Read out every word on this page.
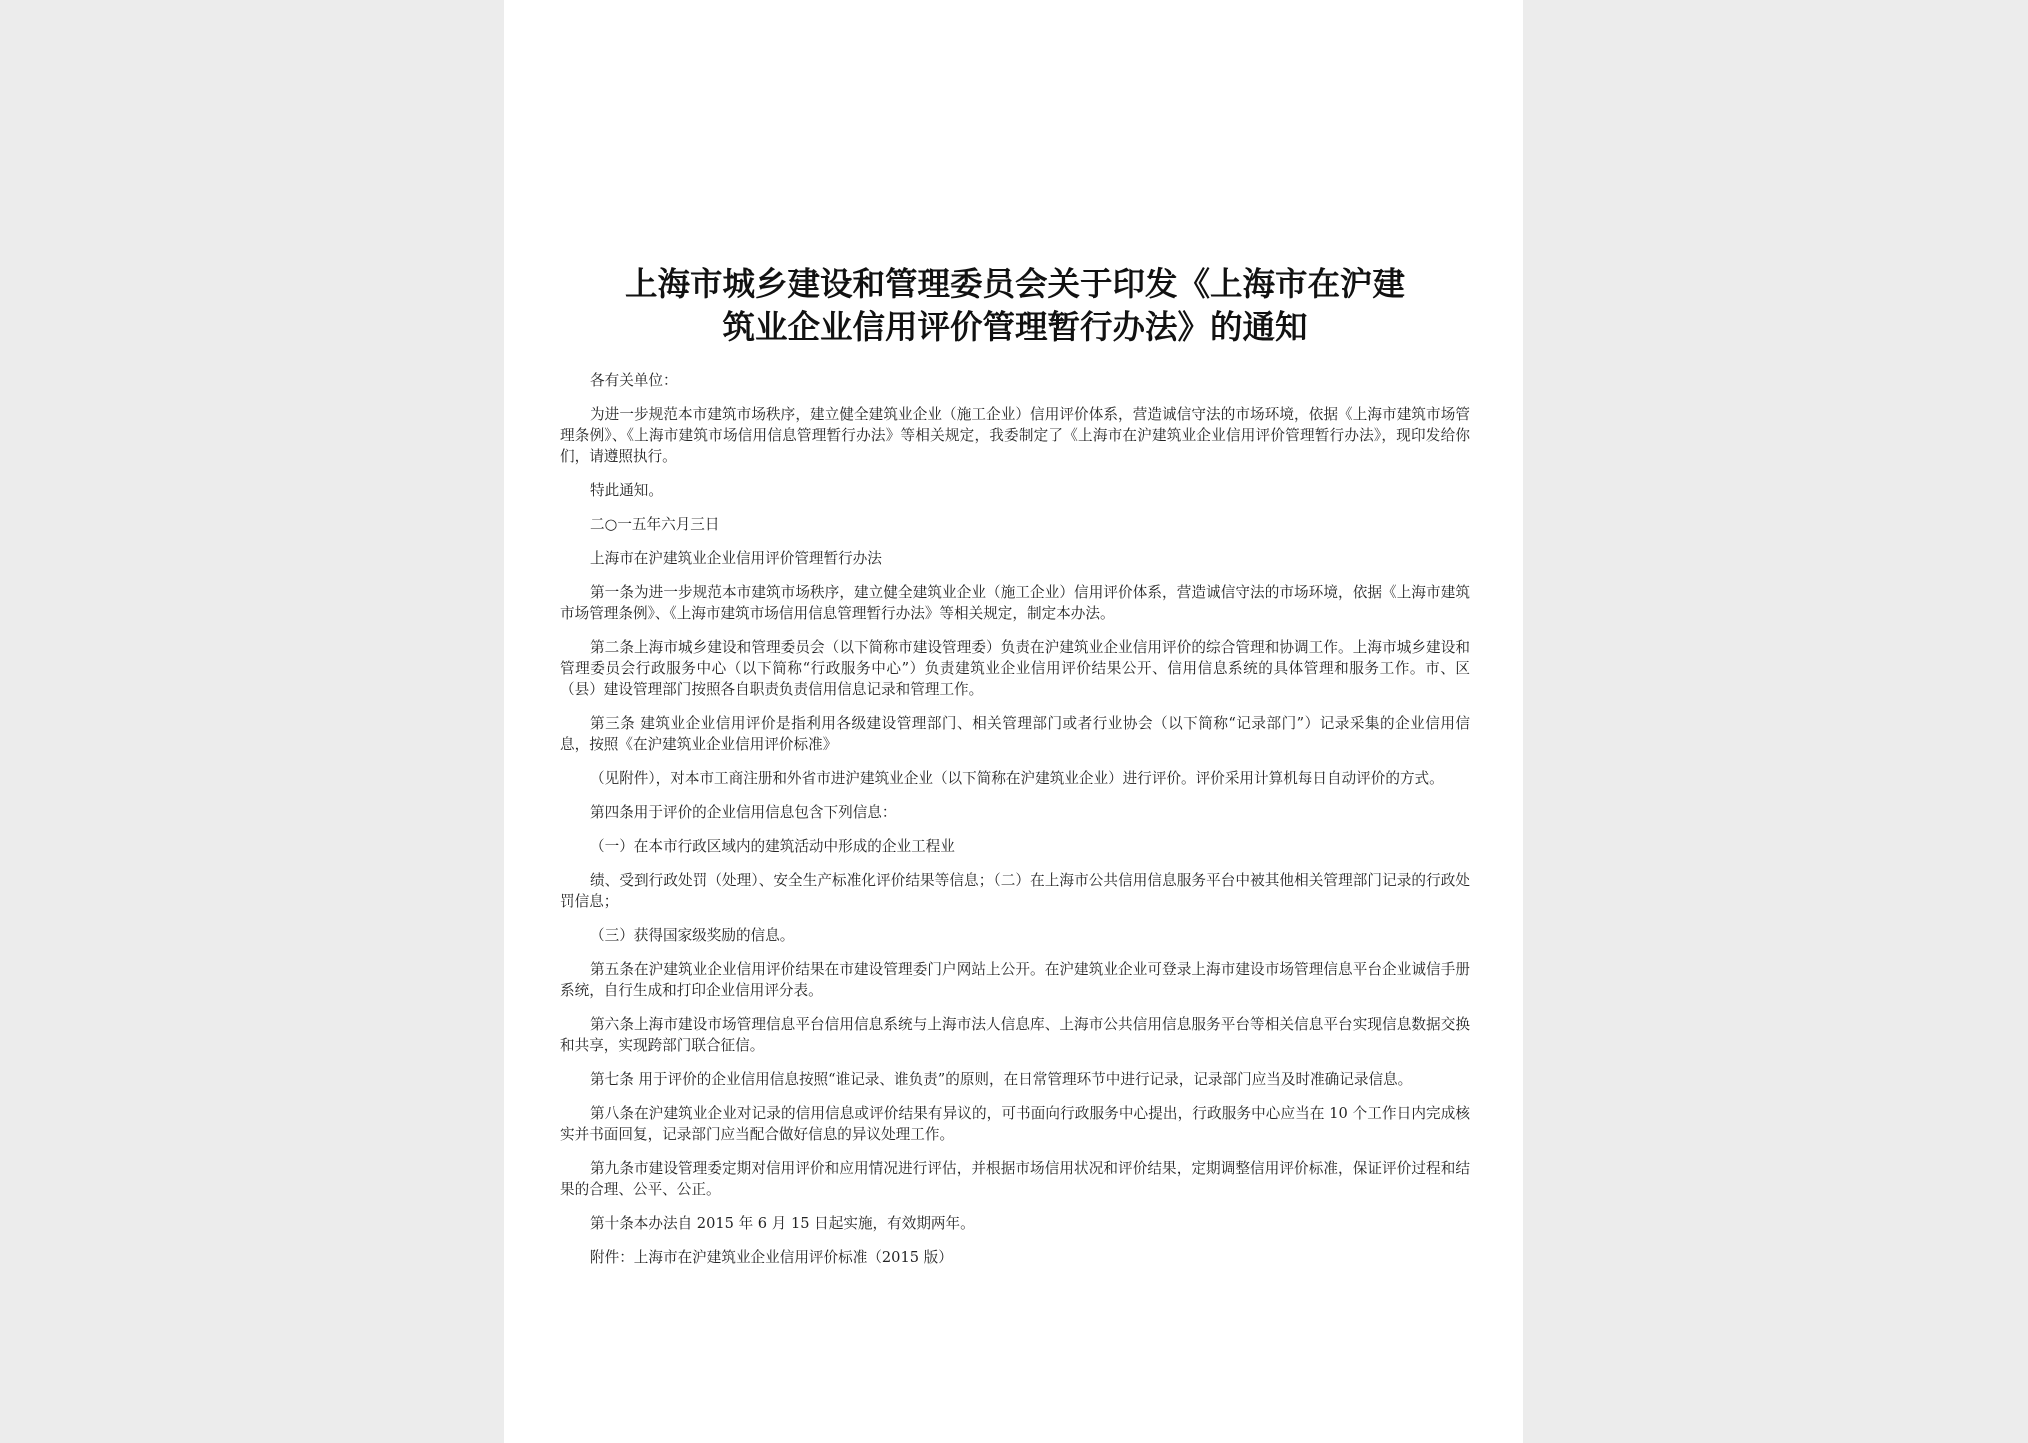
上海市城乡建设和管理委员会关于印发《上海市在沪建
筑业企业信用评价管理暂行办法》的通知

各有关单位：

为进一步规范本市建筑市场秩序，建立健全建筑业企业（施工企业）信用评价体系，营造诚信守法的市场环境，依据《上海市建筑市场管理条例》、《上海市建筑市场信用信息管理暂行办法》等相关规定，我委制定了《上海市在沪建筑业企业信用评价管理暂行办法》，现印发给你们，请遵照执行。

特此通知。

二○一五年六月三日

上海市在沪建筑业企业信用评价管理暂行办法

第一条为进一步规范本市建筑市场秩序，建立健全建筑业企业（施工企业）信用评价体系，营造诚信守法的市场环境，依据《上海市建筑市场管理条例》、《上海市建筑市场信用信息管理暂行办法》等相关规定，制定本办法。

第二条上海市城乡建设和管理委员会（以下简称市建设管理委）负责在沪建筑业企业信用评价的综合管理和协调工作。上海市城乡建设和管理委员会行政服务中心（以下简称“行政服务中心”）负责建筑业企业信用评价结果公开、信用信息系统的具体管理和服务工作。市、区（县）建设管理部门按照各自职责负责信用信息记录和管理工作。

第三条 建筑业企业信用评价是指利用各级建设管理部门、相关管理部门或者行业协会（以下简称“记录部门”）记录采集的企业信用信息，按照《在沪建筑业企业信用评价标准》

（见附件），对本市工商注册和外省市进沪建筑业企业（以下简称在沪建筑业企业）进行评价。评价采用计算机每日自动评价的方式。

第四条用于评价的企业信用信息包含下列信息：

（一）在本市行政区域内的建筑活动中形成的企业工程业

绩、受到行政处罚（处理）、安全生产标准化评价结果等信息；（二）在上海市公共信用信息服务平台中被其他相关管理部门记录的行政处罚信息；

（三）获得国家级奖励的信息。

第五条在沪建筑业企业信用评价结果在市建设管理委门户网站上公开。在沪建筑业企业可登录上海市建设市场管理信息平台企业诚信手册系统，自行生成和打印企业信用评分表。

第六条上海市建设市场管理信息平台信用信息系统与上海市法人信息库、上海市公共信用信息服务平台等相关信息平台实现信息数据交换和共享，实现跨部门联合征信。

第七条 用于评价的企业信用信息按照“谁记录、谁负责”的原则，在日常管理环节中进行记录，记录部门应当及时准确记录信息。

第八条在沪建筑业企业对记录的信用信息或评价结果有异议的，可书面向行政服务中心提出，行政服务中心应当在 10 个工作日内完成核实并书面回复，记录部门应当配合做好信息的异议处理工作。

第九条市建设管理委定期对信用评价和应用情况进行评估，并根据市场信用状况和评价结果，定期调整信用评价标准，保证评价过程和结果的合理、公平、公正。

第十条本办法自 2015 年 6 月 15 日起实施，有效期两年。

附件：上海市在沪建筑业企业信用评价标准（2015 版）
